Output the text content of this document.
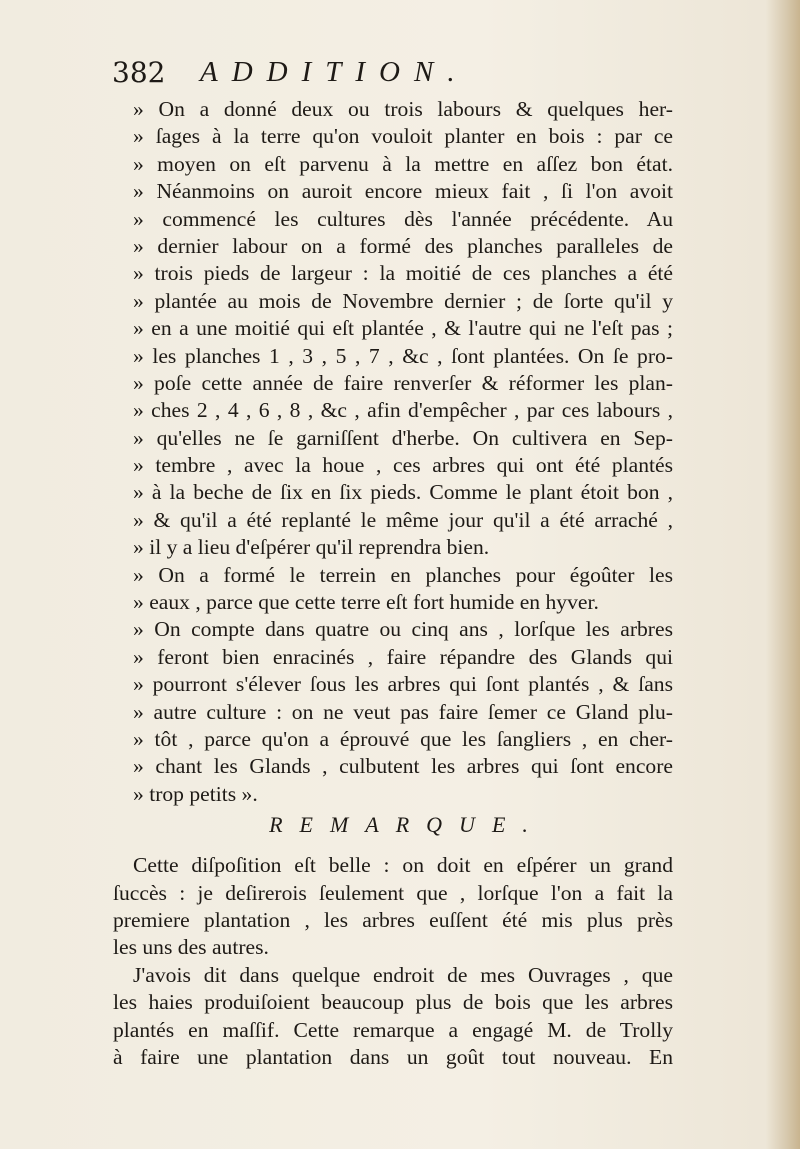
382 ADDITION.
» On a donné deux ou trois labours & quelques her-
» ſages à la terre qu'on vouloit planter en bois : par ce
» moyen on eſt parvenu à la mettre en aſſez bon état.
» Néanmoins on auroit encore mieux fait , ſi l'on avoit
» commencé les cultures dès l'année précédente. Au
» dernier labour on a formé des planches paralleles de
» trois pieds de largeur : la moitié de ces planches a été
» plantée au mois de Novembre dernier ; de ſorte qu'il y
» en a une moitié qui eſt plantée , & l'autre qui ne l'eſt pas ;
» les planches 1 , 3 , 5 , 7 , &c , ſont plantées. On ſe pro-
» poſe cette année de faire renverſer & réformer les plan-
» ches 2 , 4 , 6 , 8 , &c , afin d'empêcher , par ces labours ,
» qu'elles ne ſe garniſſent d'herbe. On cultivera en Sep-
» tembre , avec la houe , ces arbres qui ont été plantés
» à la beche de ſix en ſix pieds. Comme le plant étoit bon ,
» & qu'il a été replanté le même jour qu'il a été arraché ,
» il y a lieu d'eſpérer qu'il reprendra bien.
» On a formé le terrein en planches pour égoûter les
» eaux , parce que cette terre eſt fort humide en hyver.
» On compte dans quatre ou cinq ans , lorſque les arbres
» feront bien enracinés , faire répandre des Glands qui
» pourront s'élever ſous les arbres qui ſont plantés , & ſans
» autre culture : on ne veut pas faire ſemer ce Gland plu-
» tôt , parce qu'on a éprouvé que les ſangliers , en cher-
» chant les Glands , culbutent les arbres qui ſont encore
» trop petits ».
REMARQUE.
Cette diſpoſition eſt belle : on doit en eſpérer un grand
ſuccès : je deſirerois ſeulement que , lorſque l'on a fait la
premiere plantation , les arbres euſſent été mis plus près
les uns des autres.
J'avois dit dans quelque endroit de mes Ouvrages , que
les haies produiſoient beaucoup plus de bois que les arbres
plantés en maſſif. Cette remarque a engagé M. de Trolly
à faire une plantation dans un goût tout nouveau. En
